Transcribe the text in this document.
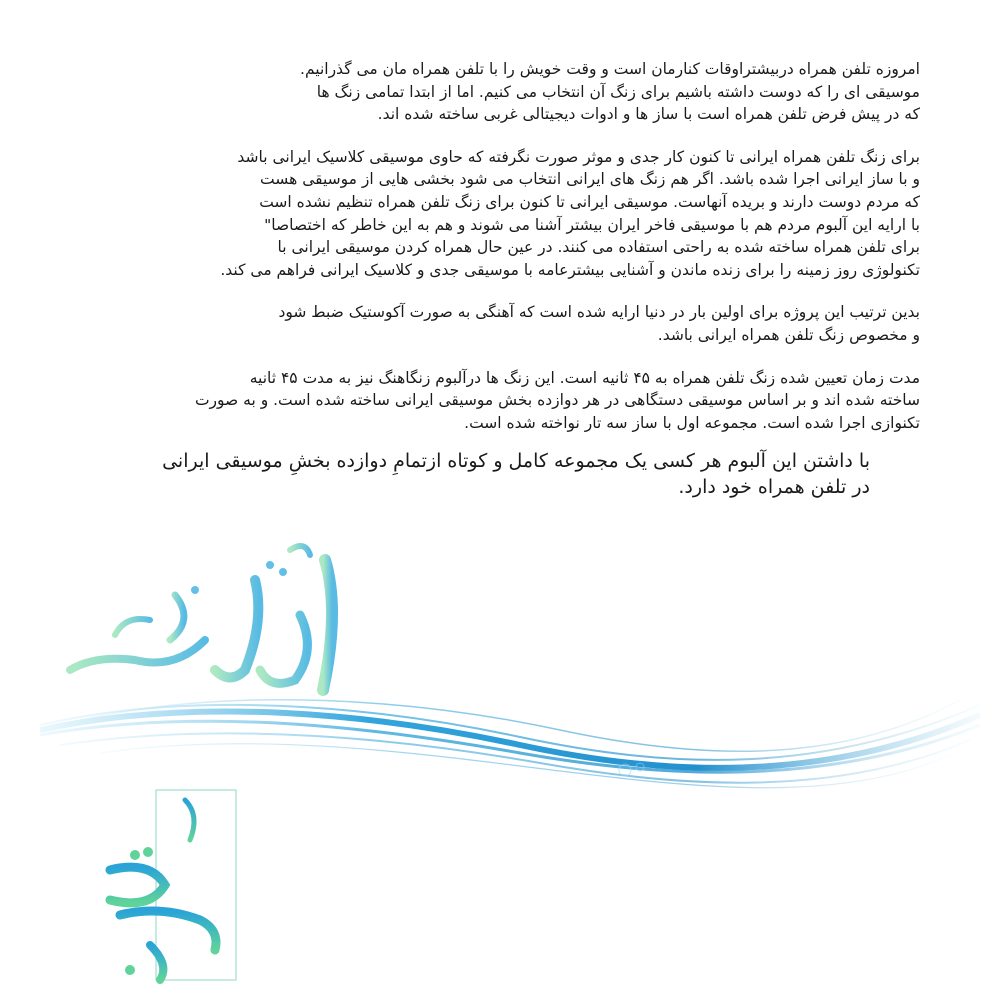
امروزه تلفن همراه دربیشتراوقات کنارمان است و وقت خویش را با تلفن همراه مان می گذرانیم.
موسیقی ای را که دوست داشته باشیم برای زنگ آن انتخاب می کنیم. اما از ابتدا تمامی زنگ ها
که در پیش فرض تلفن همراه است با ساز ها و ادوات دیجیتالی غربی ساخته شده اند.

برای زنگ تلفن همراه ایرانی تا کنون کار جدی و موثر صورت نگرفته که حاوی موسیقی کلاسیک ایرانی باشد
و با ساز ایرانی اجرا شده باشد. اگر هم زنگ های ایرانی انتخاب می شود بخشی هایی از موسیقی هست
که مردم دوست دارند و بریده آنهاست. موسیقی ایرانی تا کنون برای زنگ تلفن همراه تنظیم نشده است
با ارایه این آلبوم مردم هم با موسیقی فاخر ایران بیشتر آشنا می شوند و هم به این خاطر که اختصاصا"
برای تلفن همراه ساخته شده به راحتی استفاده می کنند. در عین حال همراه کردن موسیقی ایرانی با
تکنولوژی روز زمینه را برای زنده ماندن و آشنایی بیشترعامه با موسیقی جدی و کلاسیک ایرانی فراهم می کند.

بدین ترتیب این پروژه برای اولین بار در دنیا ارایه شده است که آهنگی به صورت آکوستیک ضبط شود
و مخصوص زنگ تلفن همراه ایرانی باشد.

مدت زمان تعیین شده زنگ تلفن همراه به ۴۵ ثانیه است. این زنگ ها درآلبوم زنگاهنگ نیز به مدت ۴۵ ثانیه
ساخته شده اند و بر اساس موسیقی دستگاهی در هر دوازده بخش موسیقی ایرانی ساخته شده است. و به صورت
تکنوازی اجرا شده است. مجموعه اول با ساز سه تار نواخته شده است.

با داشتن این آلبوم هر کسی یک مجموعه کامل و کوتاه ازتمامِ دوازده بخشِ موسیقی ایرانی
در تلفن همراه خود دارد.
